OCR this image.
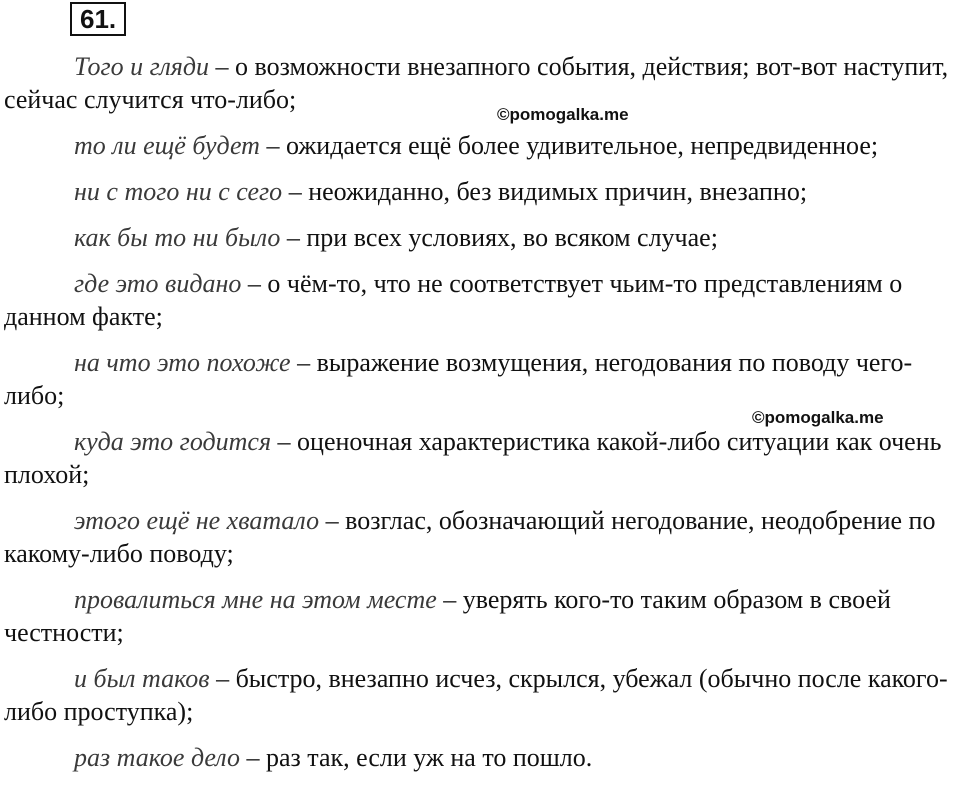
61.

Того и гляди – о возможности внезапного события, действия; вот-вот наступит, сейчас случится что-либо;

то ли ещё будет – ожидается ещё более удивительное, непредвиденное;

ни с того ни с сего – неожиданно, без видимых причин, внезапно;

как бы то ни было – при всех условиях, во всяком случае;

где это видано – о чём-то, что не соответствует чьим-то представлениям о данном факте;

на что это похоже – выражение возмущения, негодования по поводу чего-либо;

куда это годится – оценочная характеристика какой-либо ситуации как очень плохой;

этого ещё не хватало – возглас, обозначающий негодование, неодобрение по какому-либо поводу;

провалиться мне на этом месте – уверять кого-то таким образом в своей честности;

и был таков – быстро, внезапно исчез, скрылся, убежал (обычно после какого-либо проступка);

раз такое дело – раз так, если уж на то пошло.

©pomogalka.me
©pomogalka.me
